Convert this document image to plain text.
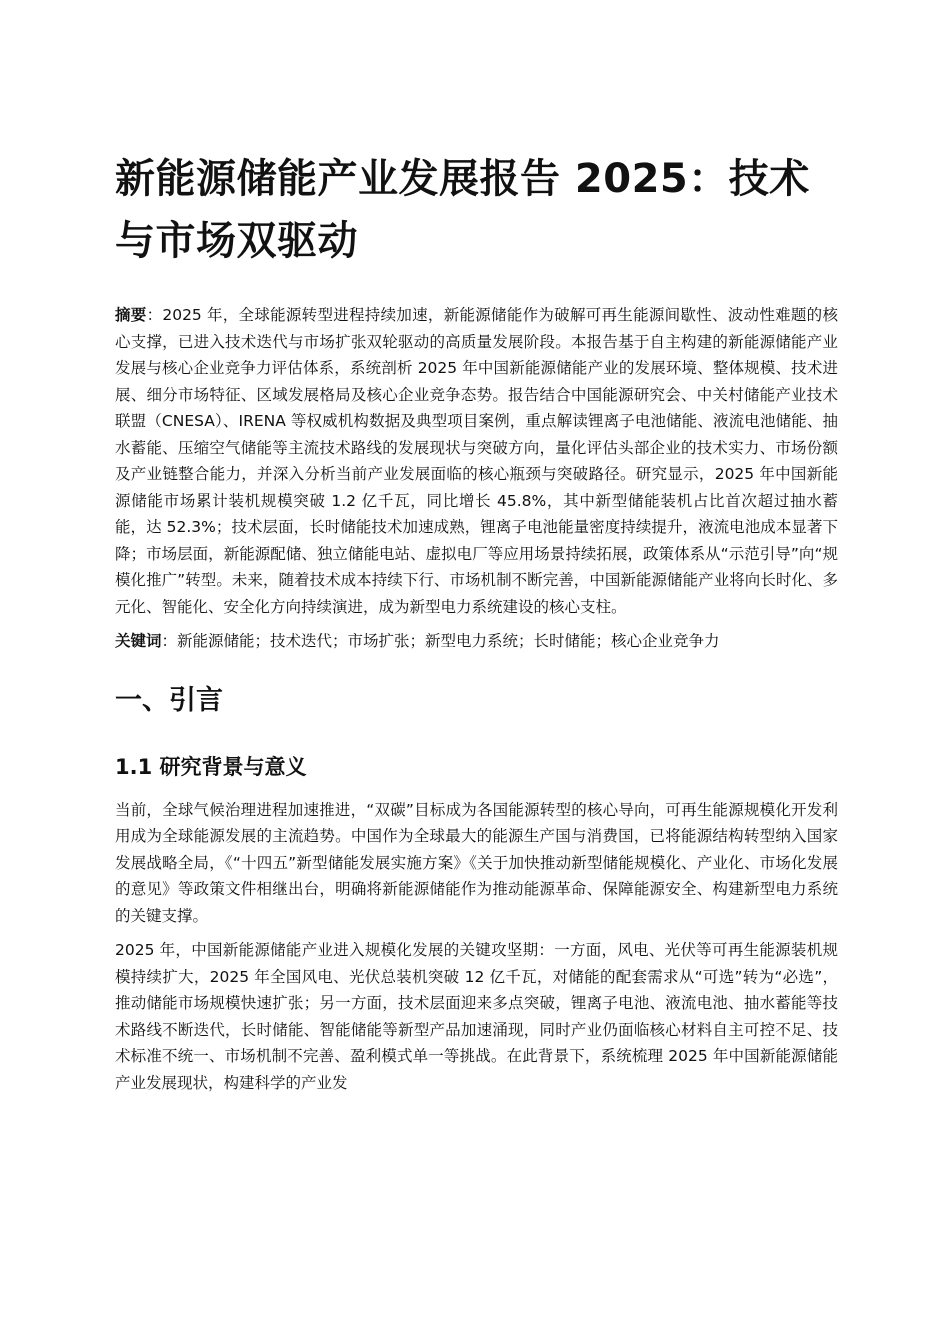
新能源储能产业发展报告 2025：技术与市场双驱动

摘要：2025 年，全球能源转型进程持续加速，新能源储能作为破解可再生能源间歇性、波动性难题的核心支撑，已进入技术迭代与市场扩张双轮驱动的高质量发展阶段。本报告基于自主构建的新能源储能产业发展与核心企业竞争力评估体系，系统剖析 2025 年中国新能源储能产业的发展环境、整体规模、技术进展、细分市场特征、区域发展格局及核心企业竞争态势。报告结合中国能源研究会、中关村储能产业技术联盟（CNESA）、IRENA 等权威机构数据及典型项目案例，重点解读锂离子电池储能、液流电池储能、抽水蓄能、压缩空气储能等主流技术路线的发展现状与突破方向，量化评估头部企业的技术实力、市场份额及产业链整合能力，并深入分析当前产业发展面临的核心瓶颈与突破路径。研究显示，2025 年中国新能源储能市场累计装机规模突破 1.2 亿千瓦，同比增长 45.8%，其中新型储能装机占比首次超过抽水蓄能，达 52.3%；技术层面，长时储能技术加速成熟，锂离子电池能量密度持续提升，液流电池成本显著下降；市场层面，新能源配储、独立储能电站、虚拟电厂等应用场景持续拓展，政策体系从“示范引导”向“规模化推广”转型。未来，随着技术成本持续下行、市场机制不断完善，中国新能源储能产业将向长时化、多元化、智能化、安全化方向持续演进，成为新型电力系统建设的核心支柱。

关键词：新能源储能；技术迭代；市场扩张；新型电力系统；长时储能；核心企业竞争力

一、引言
1.1 研究背景与意义

当前，全球气候治理进程加速推进，“双碳”目标成为各国能源转型的核心导向，可再生能源规模化开发利用成为全球能源发展的主流趋势。中国作为全球最大的能源生产国与消费国，已将能源结构转型纳入国家发展战略全局，《“十四五”新型储能发展实施方案》《关于加快推动新型储能规模化、产业化、市场化发展的意见》等政策文件相继出台，明确将新能源储能作为推动能源革命、保障能源安全、构建新型电力系统的关键支撑。

2025 年，中国新能源储能产业进入规模化发展的关键攻坚期：一方面，风电、光伏等可再生能源装机规模持续扩大，2025 年全国风电、光伏总装机突破 12 亿千瓦，对储能的配套需求从“可选”转为“必选”，推动储能市场规模快速扩张；另一方面，技术层面迎来多点突破，锂离子电池、液流电池、抽水蓄能等技术路线不断迭代，长时储能、智能储能等新型产品加速涌现，同时产业仍面临核心材料自主可控不足、技术标准不统一、市场机制不完善、盈利模式单一等挑战。在此背景下，系统梳理 2025 年中国新能源储能产业发展现状，构建科学的产业发
